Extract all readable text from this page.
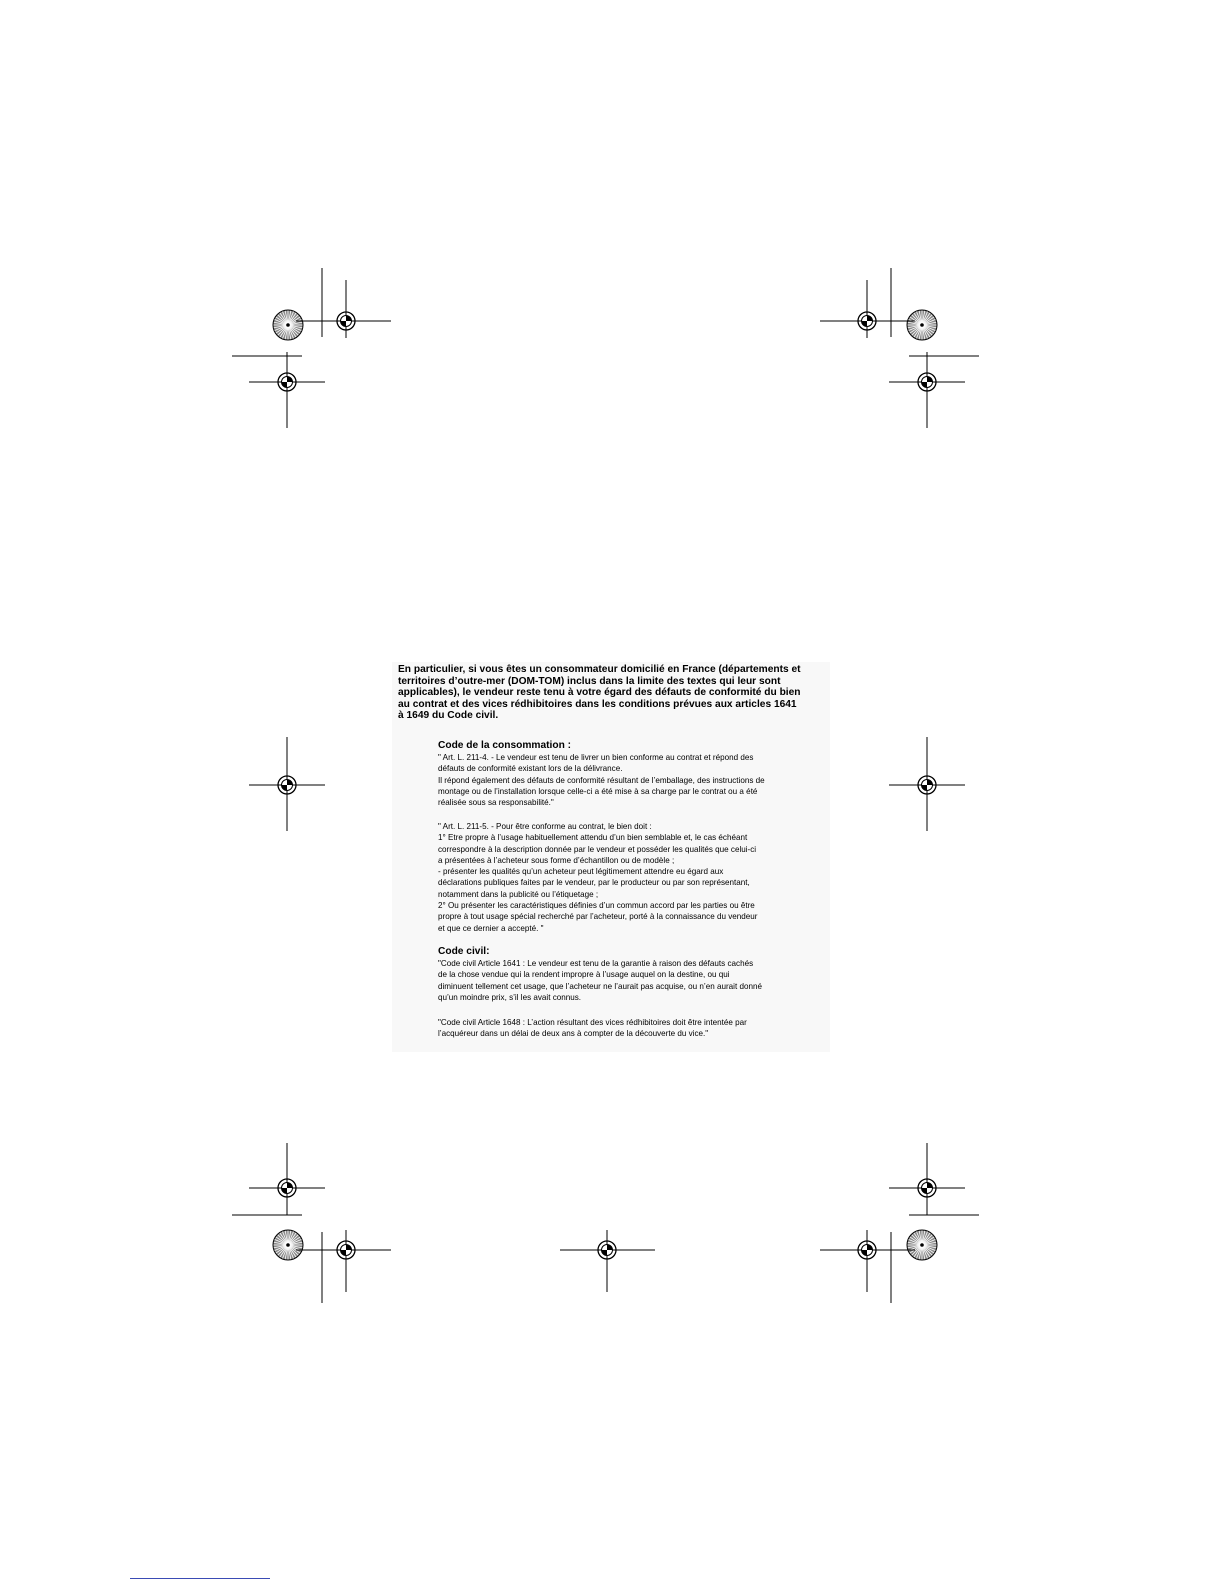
En particulier, si vous êtes un consommateur domicilié en France (départements et
territoires d’outre-mer (DOM-TOM) inclus dans la limite des textes qui leur sont
applicables), le vendeur reste tenu à votre égard des défauts de conformité du bien
au contrat et des vices rédhibitoires dans les conditions prévues aux articles 1641
à 1649 du Code civil.
Code de la consommation :
" Art. L. 211-4. - Le vendeur est tenu de livrer un bien conforme au contrat et répond des
défauts de conformité existant lors de la délivrance.
Il répond également des défauts de conformité résultant de l’emballage, des instructions de
montage ou de l’installation lorsque celle-ci a été mise à sa charge par le contrat ou a été
réalisée sous sa responsabilité."
" Art. L. 211-5. - Pour être conforme au contrat, le bien doit :
1° Etre propre à l’usage habituellement attendu d’un bien semblable et, le cas échéant
correspondre à la description donnée par le vendeur et posséder les qualités que celui-ci
a présentées à l’acheteur sous forme d’échantillon ou de modèle ;
- présenter les qualités qu’un acheteur peut légitimement attendre eu égard aux
déclarations publiques faites par le vendeur, par le producteur ou par son représentant,
notamment dans la publicité ou l’étiquetage ;
2° Ou présenter les caractéristiques définies d’un commun accord par les parties ou être
propre à tout usage spécial recherché par l’acheteur, porté à la connaissance du vendeur
et que ce dernier a accepté. "
Code civil:
"Code civil Article 1641 : Le vendeur est tenu de la garantie à raison des défauts cachés
de la chose vendue qui la rendent impropre à l’usage auquel on la destine, ou qui
diminuent tellement cet usage, que l’acheteur ne l’aurait pas acquise, ou n’en aurait donné
qu’un moindre prix, s’il les avait connus.
"Code civil Article 1648 : L’action résultant des vices rédhibitoires doit être intentée par
l’acquéreur dans un délai de deux ans à compter de la découverte du vice."
